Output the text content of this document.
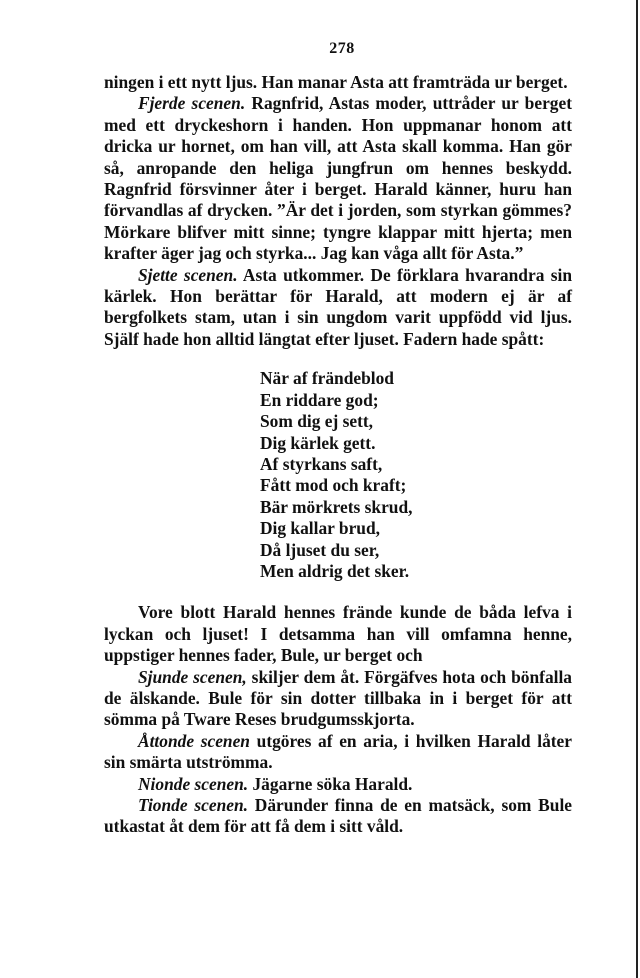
278

ningen i ett nytt ljus. Han manar Asta att framträda ur berget.

Fjerde scenen. Ragnfrid, Astas moder, uttråder ur berget med ett dryckeshorn i handen. Hon uppmanar honom att dricka ur hornet, om han vill, att Asta skall komma. Han gör så, anropande den heliga jungfrun om hennes beskydd. Ragnfrid försvinner åter i berget. Harald känner, huru han förvandlas af drycken. ”Är det i jorden, som styrkan gömmes? Mörkare blifver mitt sinne; tyngre klappar mitt hjerta; men krafter äger jag och styrka... Jag kan våga allt för Asta.”

Sjette scenen. Asta utkommer. De förklara hvarandra sin kärlek. Hon berättar för Harald, att modern ej är af bergfolkets stam, utan i sin ungdom varit uppfödd vid ljus. Själf hade hon alltid längtat efter ljuset. Fadern hade spått:

När af frändeblod
En riddare god;
Som dig ej sett,
Dig kärlek gett.
Af styrkans saft,
Fått mod och kraft;
Bär mörkrets skrud,
Dig kallar brud,
Då ljuset du ser,
Men aldrig det sker.

Vore blott Harald hennes frände kunde de båda lefva i lyckan och ljuset! I detsamma han vill omfamna henne, uppstiger hennes fader, Bule, ur berget och

Sjunde scenen, skiljer dem åt. Förgäfves hota och bönfalla de älskande. Bule för sin dotter tillbaka in i berget för att sömma på Tware Reses brudgumsskjorta.

Åttonde scenen utgöres af en aria, i hvilken Harald låter sin smärta utströmma.

Nionde scenen. Jägarne söka Harald.

Tionde scenen. Därunder finna de en matsäck, som Bule utkastat åt dem för att få dem i sitt våld.
